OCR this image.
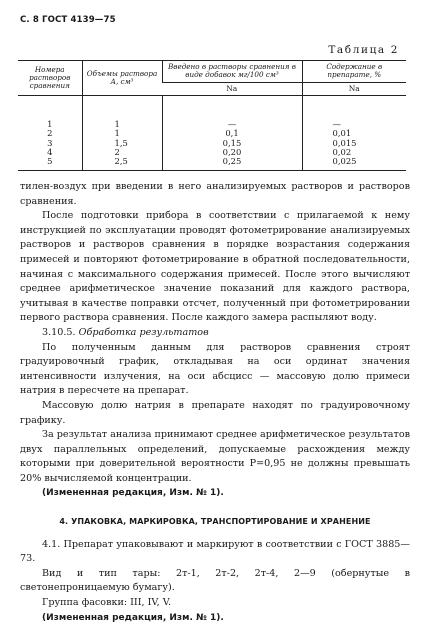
С. 8 ГОСТ 4139—75
Таблица 2
Номера растворов сравнения	Объемы раствора А, см³	Введено в растворы сравнения в виде добавок мг/100 см³	Содержание в препарате, %
		Na	Na

1	1	—	—
2	1	0,1	0,01
3	1,5	0,15	0,015
4	2	0,20	0,02
5	2,5	0,25	0,025

тилен-воздух при введении в него анализируемых растворов и растворов сравнения.

После подготовки прибора в соответствии с прилагаемой к нему инструкцией по эксплуатации проводят фотометрирование анализируемых растворов и растворов сравнения в порядке возрастания содержания примесей и повторяют фотометрирование в обратной последовательности, начиная с максимального содержания примесей. После этого вычисляют среднее арифметическое значение показаний для каждого раствора, учитывая в качестве поправки отсчет, полученный при фотометрировании первого раствора сравнения. После каждого замера распыляют воду.

3.10.5. Обработка результатов

По полученным данным для растворов сравнения строят градуировочный график, откладывая на оси ординат значения интенсивности излучения, на оси абсцисс — массовую долю примеси натрия в пересчете на препарат.

Массовую долю натрия в препарате находят по градуировочному графику.

За результат анализа принимают среднее арифметическое результатов двух параллельных определений, допускаемые расхождения между которыми при доверительной вероятности P=0,95 не должны превышать 20% вычисляемой концентрации.

(Измененная редакция, Изм. № 1).

4. УПАКОВКА, МАРКИРОВКА, ТРАНСПОРТИРОВАНИЕ И ХРАНЕНИЕ

4.1. Препарат упаковывают и маркируют в соответствии с ГОСТ 3885—73.

Вид и тип тары: 2т-1, 2т-2, 2т-4, 2—9 (обернутые в светонепроницаемую бумагу).

Группа фасовки: III, IV, V.

(Измененная редакция, Изм. № 1).
